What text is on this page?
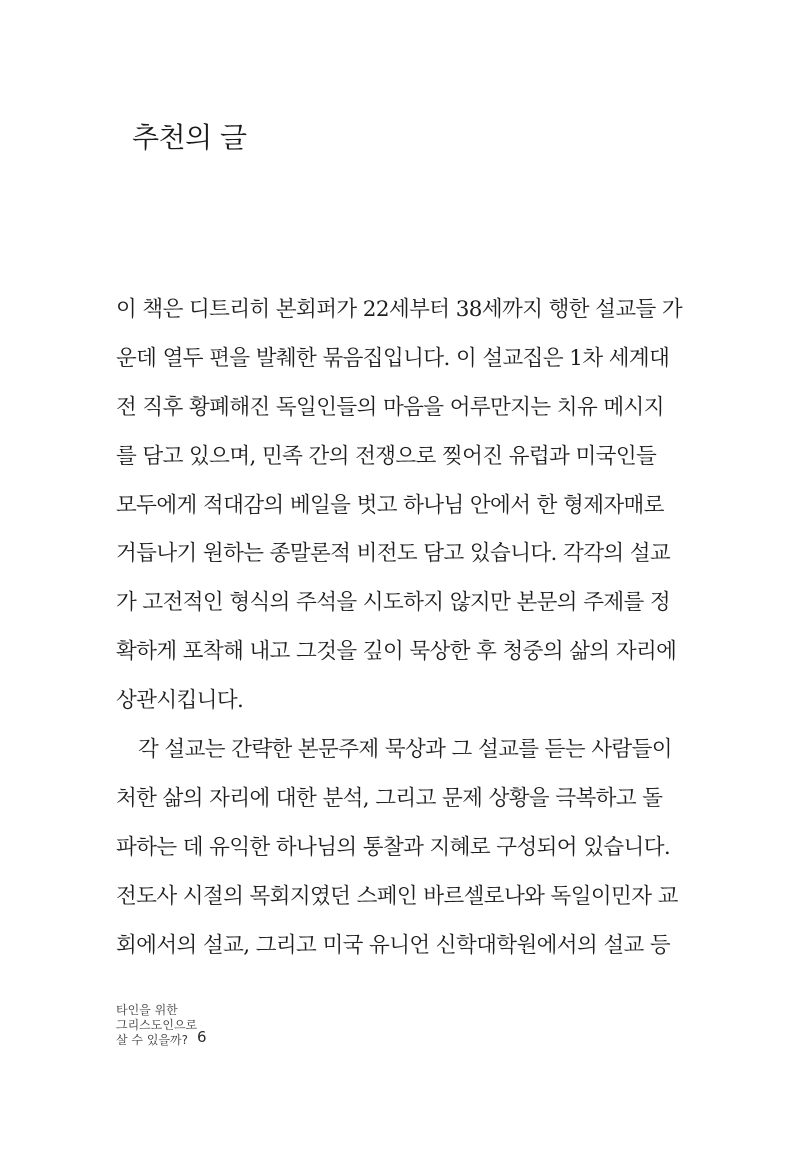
추천의 글
이 책은 디트리히 본회퍼가 22세부터 38세까지 행한 설교들 가
운데 열두 편을 발췌한 묶음집입니다. 이 설교집은 1차 세계대
전 직후 황폐해진 독일인들의 마음을 어루만지는 치유 메시지
를 담고 있으며, 민족 간의 전쟁으로 찢어진 유럽과 미국인들
모두에게 적대감의 베일을 벗고 하나님 안에서 한 형제자매로
거듭나기 원하는 종말론적 비전도 담고 있습니다. 각각의 설교
가 고전적인 형식의 주석을 시도하지 않지만 본문의 주제를 정
확하게 포착해 내고 그것을 깊이 묵상한 후 청중의 삶의 자리에
상관시킵니다.
각 설교는 간략한 본문주제 묵상과 그 설교를 듣는 사람들이
처한 삶의 자리에 대한 분석, 그리고 문제 상황을 극복하고 돌
파하는 데 유익한 하나님의 통찰과 지혜로 구성되어 있습니다.
전도사 시절의 목회지였던 스페인 바르셀로나와 독일이민자 교
회에서의 설교, 그리고 미국 유니언 신학대학원에서의 설교 등
타인을 위한
그리스도인으로
살 수 있을까? 6
